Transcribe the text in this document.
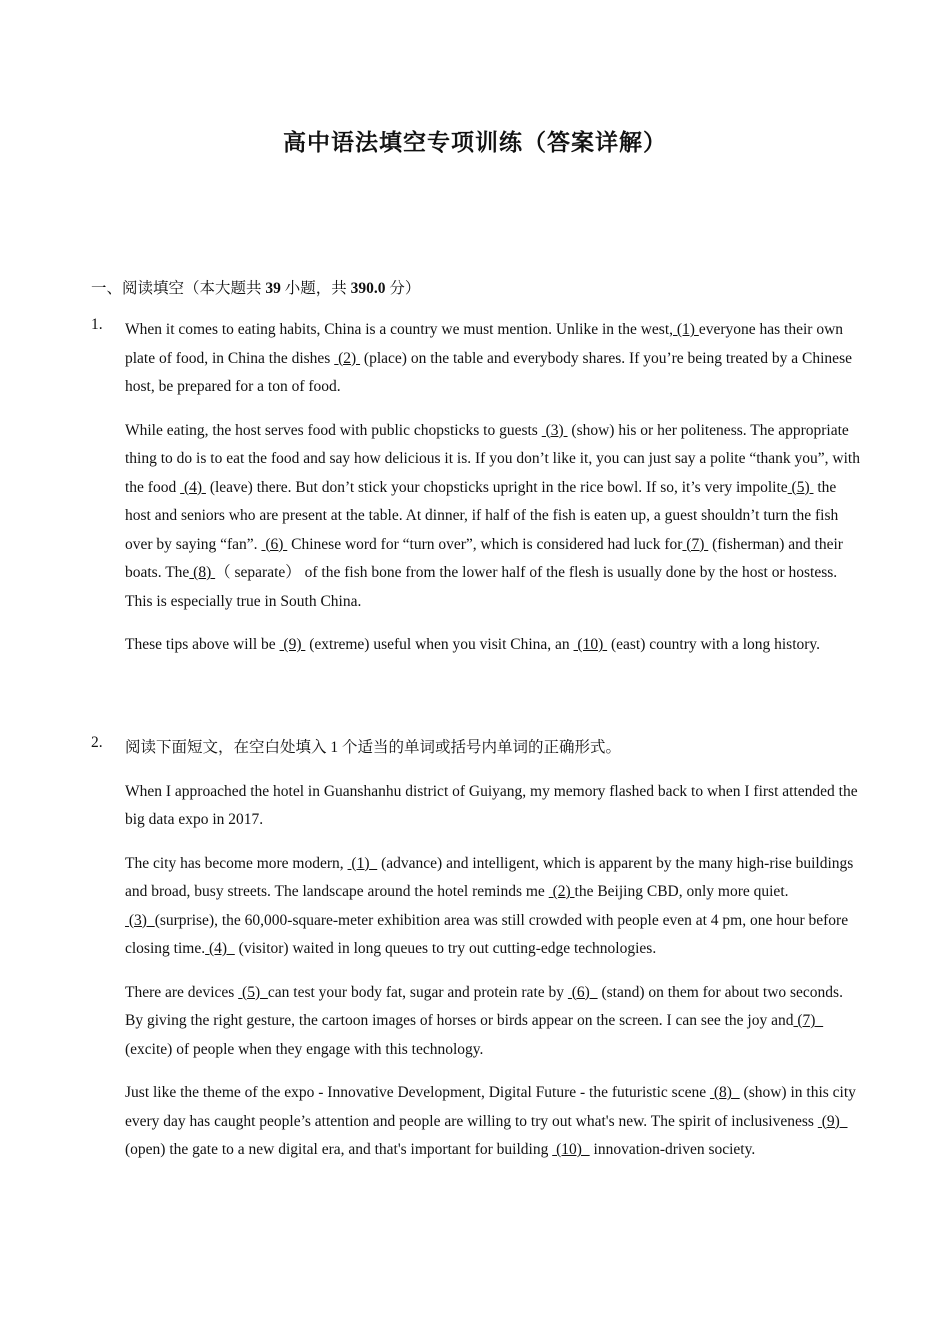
高中语法填空专项训练（答案详解）
一、阅读填空（本大题共 39 小题，共 390.0 分）
1. When it comes to eating habits, China is a country we must mention. Unlike in the west, (1) everyone has their own plate of food, in China the dishes  (2)  (place) on the table and everybody shares. If you’re being treated by a Chinese host, be prepared for a ton of food.

While eating, the host serves food with public chopsticks to guests  (3)  (show) his or her politeness. The appropriate thing to do is to eat the food and say how delicious it is. If you don’t like it, you can just say a polite “thank you”, with the food  (4)  (leave) there. But don’t stick your chopsticks upright in the rice bowl. If so, it’s very impolite (5)  the host and seniors who are present at the table. At dinner, if half of the fish is eaten up, a guest shouldn’t turn the fish over by saying “fan”.  (6)  Chinese word for “turn over”, which is considered had luck for (7)  (fisherman) and their boats. The (8) （ separate） of the fish bone from the lower half of the flesh is usually done by the host or hostess. This is especially true in South China.

These tips above will be  (9)  (extreme) useful when you visit China, an  (10)  (east) country with a long history.

2. 阅读下面短文，在空白处填入 1 个适当的单词或括号内单词的正确形式。

When I approached the hotel in Guanshanhu district of Guiyang, my memory flashed back to when I first attended the big data expo in 2017.

The city has become more modern,  (1)   (advance) and intelligent, which is apparent by the many high-rise buildings and broad, busy streets. The landscape around the hotel reminds me  (2) the Beijing CBD, only more quiet. (3)  (surprise), the 60,000-square-meter exhibition area was still crowded with people even at 4 pm, one hour before closing time. (4)   (visitor) waited in long queues to try out cutting-edge technologies.

There are devices  (5)  can test your body fat, sugar and protein rate by  (6)   (stand) on them for about two seconds. By giving the right gesture, the cartoon images of horses or birds appear on the screen. I can see the joy and (7)   (excite) of people when they engage with this technology.

Just like the theme of the expo - Innovative Development, Digital Future - the futuristic scene  (8)   (show) in this city every day has caught people’s attention and people are willing to try out what's new. The spirit of inclusiveness  (9)   (open) the gate to a new digital era, and that's important for building  (10)   innovation-driven society.
